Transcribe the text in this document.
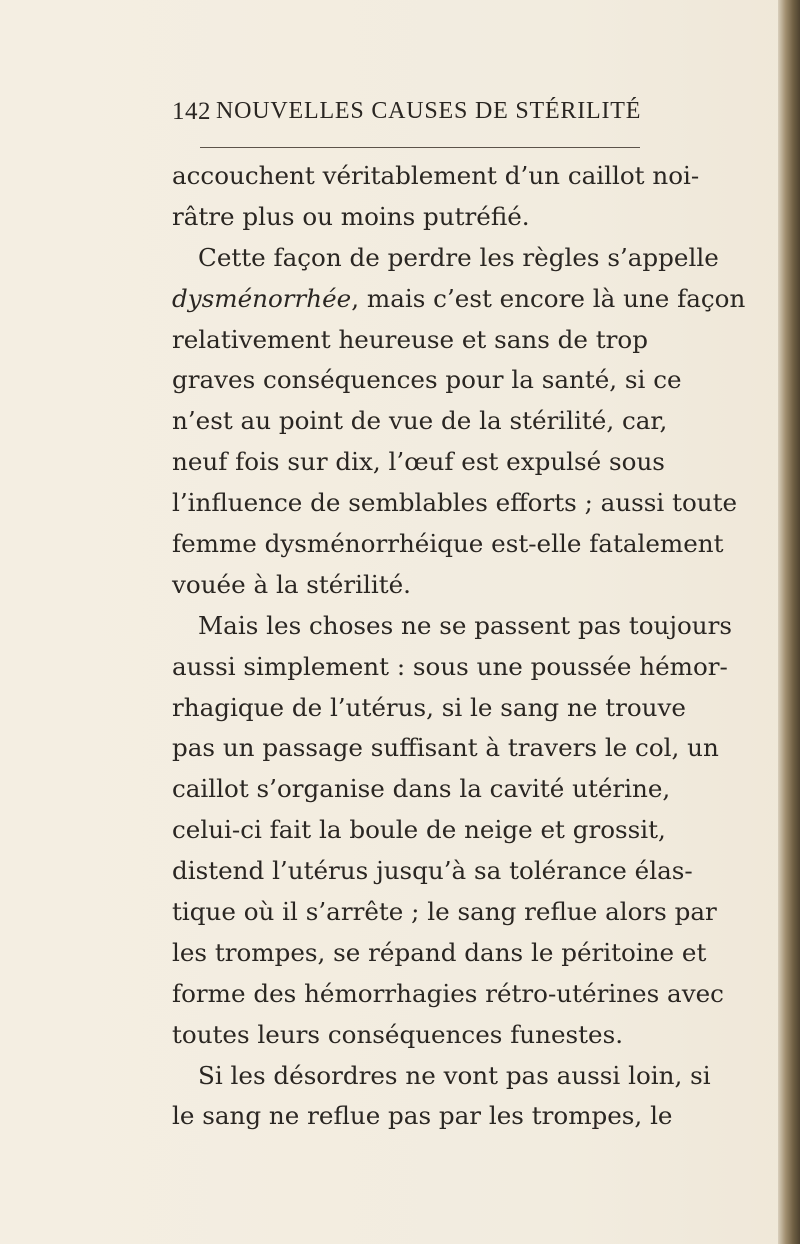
142 NOUVELLES CAUSES DE STÉRILITÉ
accouchent véritablement d’un caillot noi-
râtre plus ou moins putréfié.
Cette façon de perdre les règles s’appelle
dysménorrhée, mais c’est encore là une façon
relativement heureuse et sans de trop
graves conséquences pour la santé, si ce
n’est au point de vue de la stérilité, car,
neuf fois sur dix, l’œuf est expulsé sous
l’influence de semblables efforts ; aussi toute
femme dysménorrhéique est-elle fatalement
vouée à la stérilité.
Mais les choses ne se passent pas toujours
aussi simplement : sous une poussée hémor-
rhagique de l’utérus, si le sang ne trouve
pas un passage suffisant à travers le col, un
caillot s’organise dans la cavité utérine,
celui-ci fait la boule de neige et grossit,
distend l’utérus jusqu’à sa tolérance élas-
tique où il s’arrête ; le sang reflue alors par
les trompes, se répand dans le péritoine et
forme des hémorrhagies rétro-utérines avec
toutes leurs conséquences funestes.
Si les désordres ne vont pas aussi loin, si
le sang ne reflue pas par les trompes, le
